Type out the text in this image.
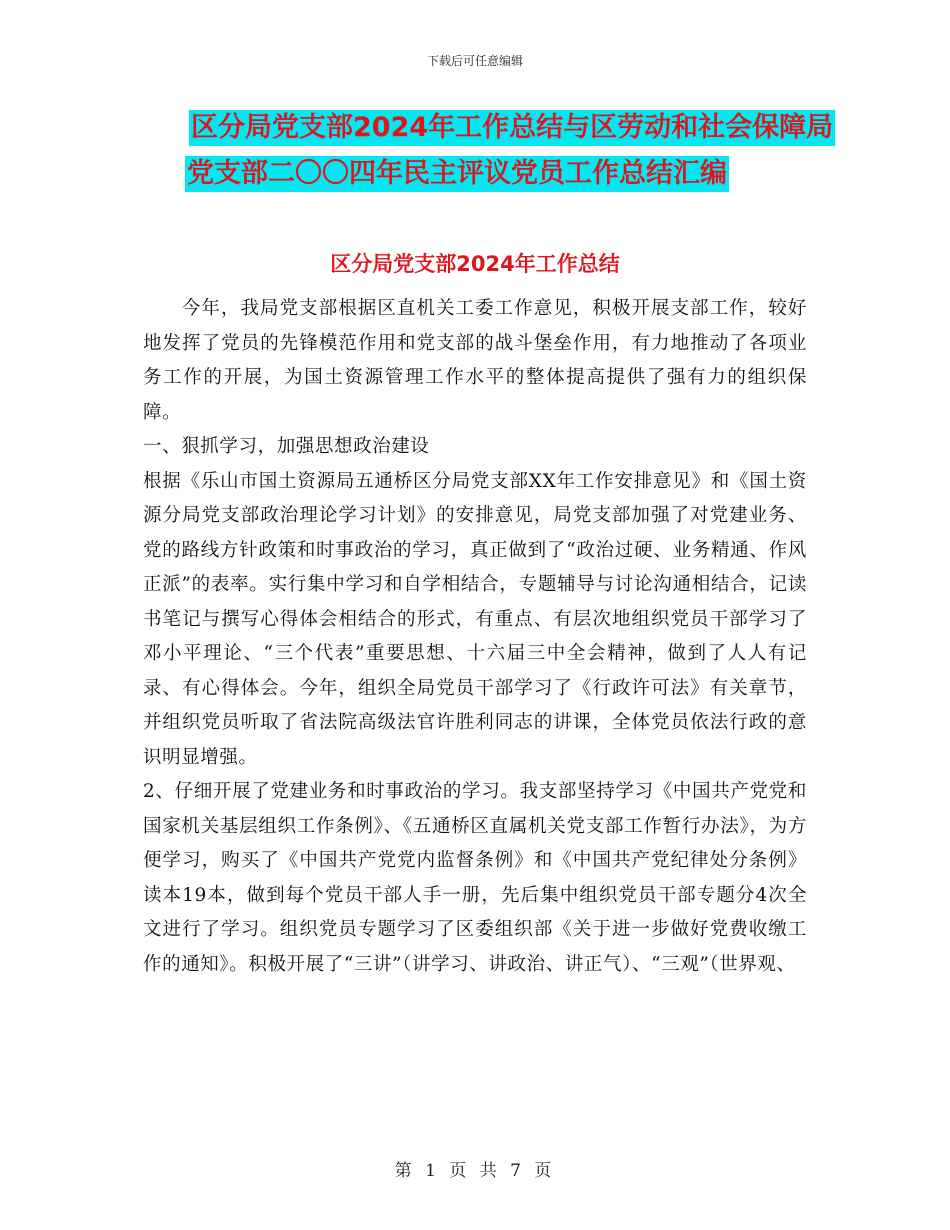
下载后可任意编辑
区分局党支部2024年工作总结与区劳动和社会保障局
党支部二〇〇四年民主评议党员工作总结汇编
区分局党支部2024年工作总结

今年，我局党支部根据区直机关工委工作意见，积极开展支部工作，较好地发挥了党员的先锋模范作用和党支部的战斗堡垒作用，有力地推动了各项业务工作的开展，为国土资源管理工作水平的整体提高提供了强有力的组织保障。

一、狠抓学习，加强思想政治建设

根据《乐山市国土资源局五通桥区分局党支部XX年工作安排意见》和《国土资源分局党支部政治理论学习计划》的安排意见，局党支部加强了对党建业务、党的路线方针政策和时事政治的学习，真正做到了“政治过硬、业务精通、作风正派”的表率。实行集中学习和自学相结合，专题辅导与讨论沟通相结合，记读书笔记与撰写心得体会相结合的形式，有重点、有层次地组织党员干部学习了邓小平理论、“三个代表”重要思想、十六届三中全会精神，做到了人人有记录、有心得体会。今年，组织全局党员干部学习了《行政许可法》有关章节，并组织党员听取了省法院高级法官许胜利同志的讲课，全体党员依法行政的意识明显增强。

2、仔细开展了党建业务和时事政治的学习。我支部坚持学习《中国共产党党和国家机关基层组织工作条例》、《五通桥区直属机关党支部工作暂行办法》，为方便学习，购买了《中国共产党党内监督条例》和《中国共产党纪律处分条例》读本19本，做到每个党员干部人手一册，先后集中组织党员干部专题分4次全文进行了学习。组织党员专题学习了区委组织部《关于进一步做好党费收缴工作的通知》。积极开展了“三讲”（讲学习、讲政治、讲正气）、“三观”（世界观、

第 1 页 共 7 页
